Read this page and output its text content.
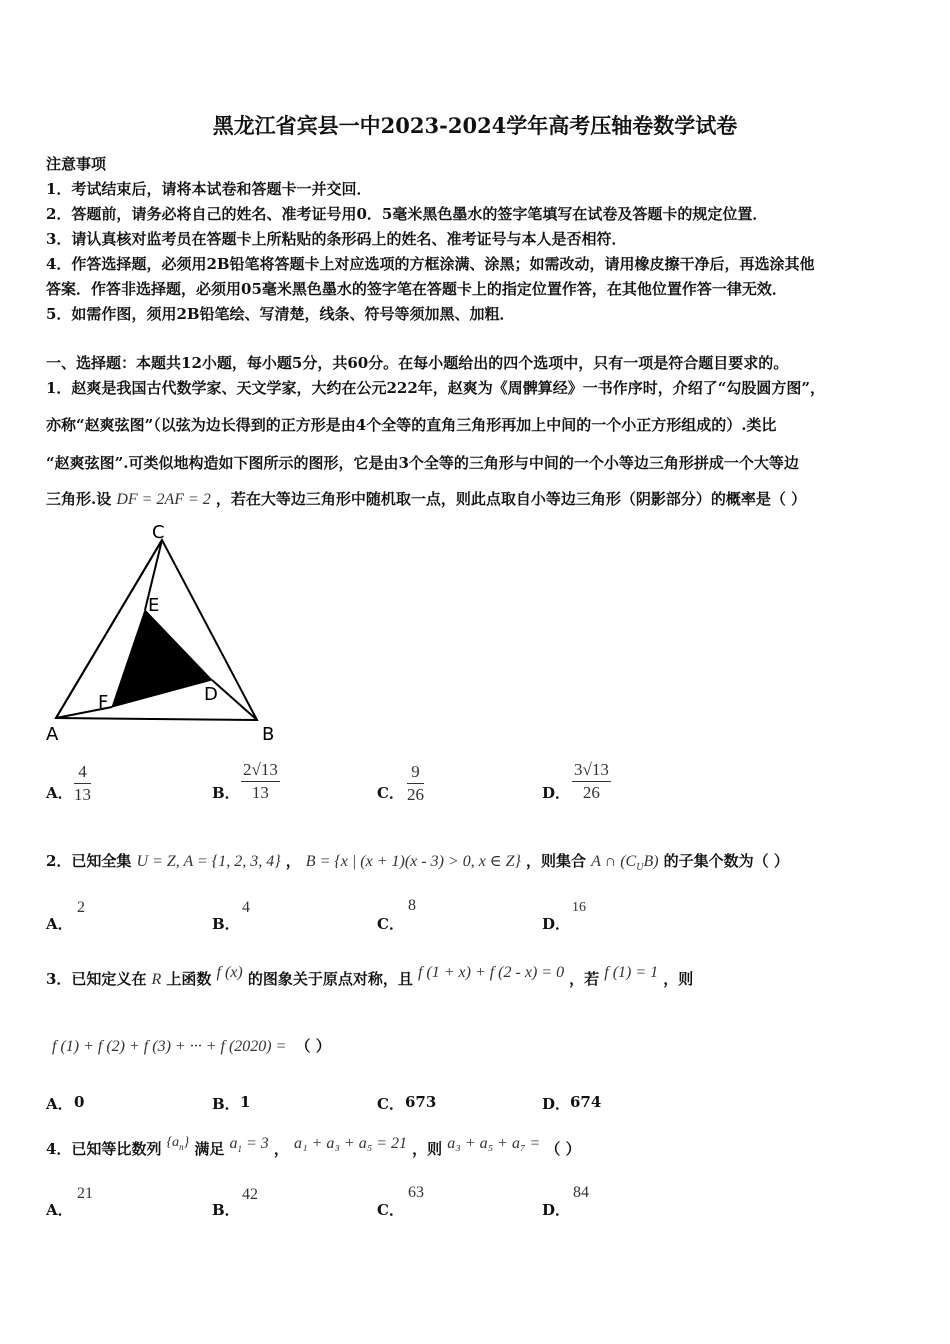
黑龙江省宾县一中2023-2024学年高考压轴卷数学试卷
注意事项
1．考试结束后，请将本试卷和答题卡一并交回．
2．答题前，请务必将自己的姓名、准考证号用0．5毫米黑色墨水的签字笔填写在试卷及答题卡的规定位置．
3．请认真核对监考员在答题卡上所粘贴的条形码上的姓名、准考证号与本人是否相符．
4．作答选择题，必须用2B铅笔将答题卡上对应选项的方框涂满、涂黑；如需改动，请用橡皮擦干净后，再选涂其他
答案．作答非选择题，必须用05毫米黑色墨水的签字笔在答题卡上的指定位置作答，在其他位置作答一律无效．
5．如需作图，须用2B铅笔绘、写清楚，线条、符号等须加黑、加粗．
一、选择题：本题共12小题，每小题5分，共60分。在每小题给出的四个选项中，只有一项是符合题目要求的。
1．赵爽是我国古代数学家、天文学家，大约在公元222年，赵爽为《周髀算经》一书作序时，介绍了“勾股圆方图”，
亦称“赵爽弦图”（以弦为边长得到的正方形是由4个全等的直角三角形再加上中间的一个小正方形组成的）.类比
“赵爽弦图”.可类似地构造如下图所示的图形，它是由3个全等的三角形与中间的一个小等边三角形拼成一个大等边
三角形.设 DF = 2AF = 2 ，若在大等边三角形中随机取一点，则此点取自小等边三角形（阴影部分）的概率是（ ）
C
E
D
F
A	B
A．
4
13	B．
2√13
13	C．
9
26	D．
3√13
26
2．已知全集 U = Z, A = {1, 2, 3, 4} ， B = {x | (x + 1)(x - 3) > 0, x ∈ Z} ，则集合 A ∩ $(C_UB)$ 的子集个数为（ ）
A．
2
B．
4
C．
8
D．
16
3．已知定义在 R 上函数 f (x) 的图象关于原点对称，且 f (1 + x) + f (2 - x) = 0 ，若 f (1) = 1 ，则
f (1) + f (2) + f (3) + ··· + f (2020) = （ ）
A． 0	B． 1	C． 673	D． 674
4．已知等比数列 $\{a_n\}$ 满足 $a_1 = 3$ ， a₁ + a₃ + a₅ = 21 ，则 a₃ + a₅ + a₇ = （ ）
A．
21
B．
42
C．
63
D．
84
